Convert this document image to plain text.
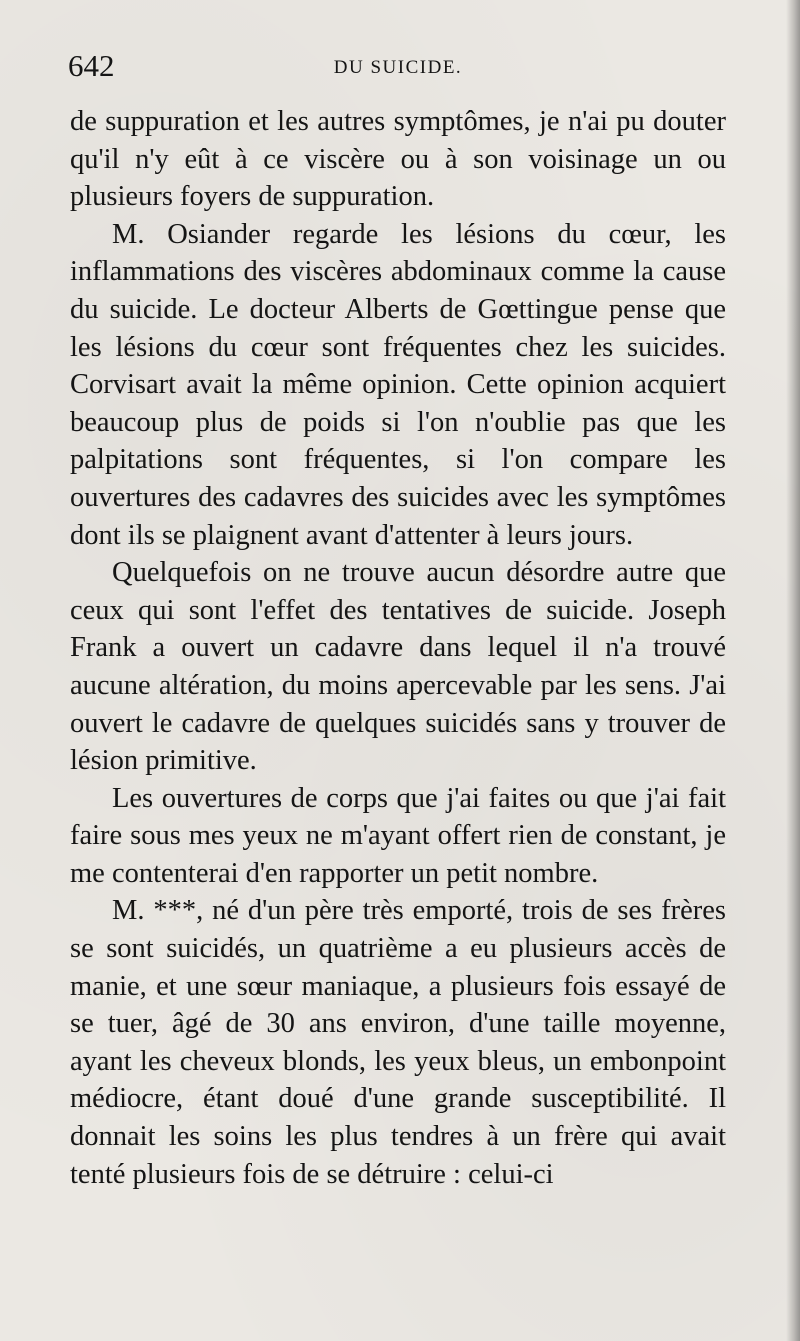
642	DU SUICIDE.

de suppuration et les autres symptômes, je n'ai pu douter qu'il n'y eût à ce viscère ou à son voisinage un ou plusieurs foyers de suppuration.

M. Osiander regarde les lésions du cœur, les inflammations des viscères abdominaux comme la cause du suicide. Le docteur Alberts de Gœttingue pense que les lésions du cœur sont fréquentes chez les suicides. Corvisart avait la même opinion. Cette opinion acquiert beaucoup plus de poids si l'on n'oublie pas que les palpitations sont fréquentes, si l'on compare les ouvertures des cadavres des suicides avec les symptômes dont ils se plaignent avant d'attenter à leurs jours.

Quelquefois on ne trouve aucun désordre autre que ceux qui sont l'effet des tentatives de suicide. Joseph Frank a ouvert un cadavre dans lequel il n'a trouvé aucune altération, du moins apercevable par les sens. J'ai ouvert le cadavre de quelques suicidés sans y trouver de lésion primitive.

Les ouvertures de corps que j'ai faites ou que j'ai fait faire sous mes yeux ne m'ayant offert rien de constant, je me contenterai d'en rapporter un petit nombre.

M. ***, né d'un père très emporté, trois de ses frères se sont suicidés, un quatrième a eu plusieurs accès de manie, et une sœur maniaque, a plusieurs fois essayé de se tuer, âgé de 30 ans environ, d'une taille moyenne, ayant les cheveux blonds, les yeux bleus, un embonpoint médiocre, étant doué d'une grande susceptibilité. Il donnait les soins les plus tendres à un frère qui avait tenté plusieurs fois de se détruire : celui-ci
